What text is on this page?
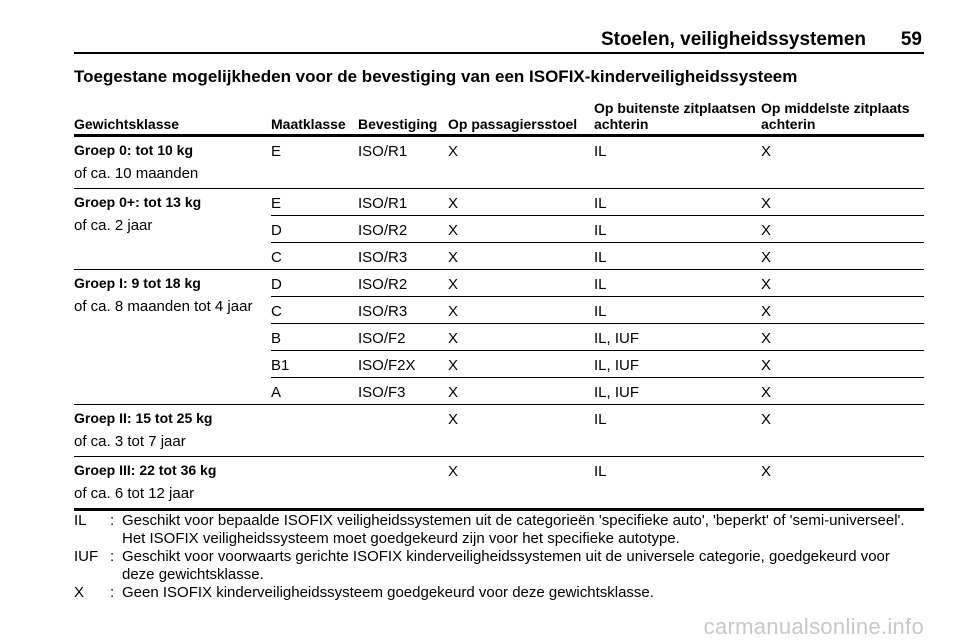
Stoelen, veiligheidssystemen 59
Toegestane mogelijkheden voor de bevestiging van een ISOFIX-kinderveiligheidssysteem
Gewichtsklasse	Maatklasse	Bevestiging	Op passagiersstoel	Op buitenste zitplaatsen achterin	Op middelste zitplaats achterin

Groep 0: tot 10 kg
of ca. 10 maanden	E	ISO/R1	X	IL	X

Groep 0+: tot 13 kg
of ca. 2 jaar	E	ISO/R1	X	IL	X
	D	ISO/R2	X	IL	X
	C	ISO/R3	X	IL	X

Groep I: 9 tot 18 kg
of ca. 8 maanden tot 4 jaar	D	ISO/R2	X	IL	X
	C	ISO/R3	X	IL	X
	B	ISO/F2	X	IL, IUF	X
	B1	ISO/F2X	X	IL, IUF	X
	A	ISO/F3	X	IL, IUF	X

Groep II: 15 tot 25 kg
of ca. 3 tot 7 jaar			X	IL	X

Groep III: 22 tot 36 kg
of ca. 6 tot 12 jaar			X	IL	X
IL	: Geschikt voor bepaalde ISOFIX veiligheidssystemen uit de categorieën 'specifieke auto', 'beperkt' of 'semi-universeel'. Het ISOFIX veiligheidssysteem moet goedgekeurd zijn voor het specifieke autotype.
IUF : Geschikt voor voorwaarts gerichte ISOFIX kinderveiligheidssystemen uit de universele categorie, goedgekeurd voor deze gewichtsklasse.
X	: Geen ISOFIX kinderveiligheidssysteem goedgekeurd voor deze gewichtsklasse.
carmanualsonline.info
